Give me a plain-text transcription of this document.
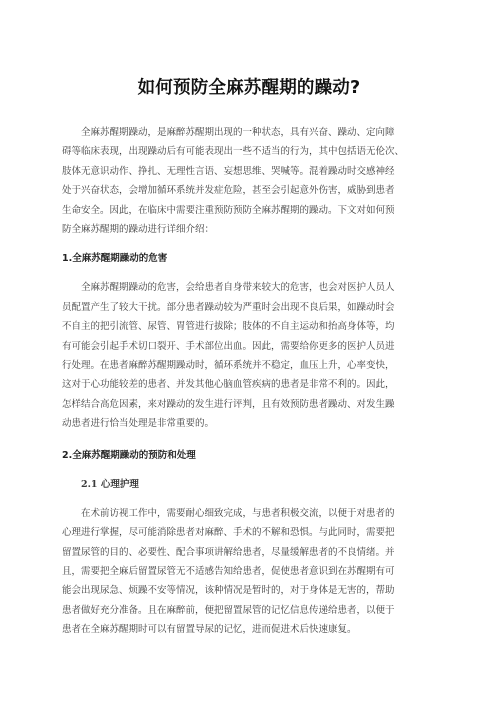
如何预防全麻苏醒期的躁动?

　　全麻苏醒期躁动，是麻醉苏醒期出现的一种状态，具有兴奋、躁动、定向障
碍等临床表现，出现躁动后有可能表现出一些不适当的行为，其中包括语无伦次、
肢体无意识动作、挣扎、无理性言语、妄想思维、哭喊等。混着躁动时交感神经
处于兴奋状态，会增加循环系统并发症危险，甚至会引起意外伤害，威胁到患者
生命安全。因此，在临床中需要注重预防预防全麻苏醒期的躁动。下文对如何预
防全麻苏醒期的躁动进行详细介绍：

1.全麻苏醒期躁动的危害

　　全麻苏醒期躁动的危害，会给患者自身带来较大的危害，也会对医护人员人
员配置产生了较大干扰。部分患者躁动较为严重时会出现不良后果，如躁动时会
不自主的把引流管、尿管、胃管进行拔除；肢体的不自主运动和抬高身体等，均
有可能会引起手术切口裂开、手术部位出血。因此，需要给你更多的医护人员进
行处理。在患者麻醉苏醒期躁动时，循环系统并不稳定，血压上升，心率变快，
这对于心功能较差的患者、并发其他心脑血管疾病的患者是非常不利的。因此，
怎样结合高危因素，来对躁动的发生进行评判，且有效预防患者躁动、对发生躁
动患者进行恰当处理是非常重要的。

2.全麻苏醒期躁动的预防和处理
　　2.1 心理护理

　　在术前访视工作中，需要耐心细致完成，与患者积极交流，以便于对患者的
心理进行掌握，尽可能消除患者对麻醉、手术的不解和恐惧。与此同时，需要把
留置尿管的目的、必要性、配合事项讲解给患者，尽量缓解患者的不良情绪。并
且，需要把全麻后留置尿管无不适感告知给患者，促使患者意识到在苏醒期有可
能会出现尿急、烦躁不安等情况，该种情况是暂时的，对于身体是无害的，帮助
患者做好充分准备。且在麻醉前，便把留置尿管的记忆信息传递给患者，以便于
患者在全麻苏醒期时可以有留置导尿的记忆，进而促进术后快速康复。
